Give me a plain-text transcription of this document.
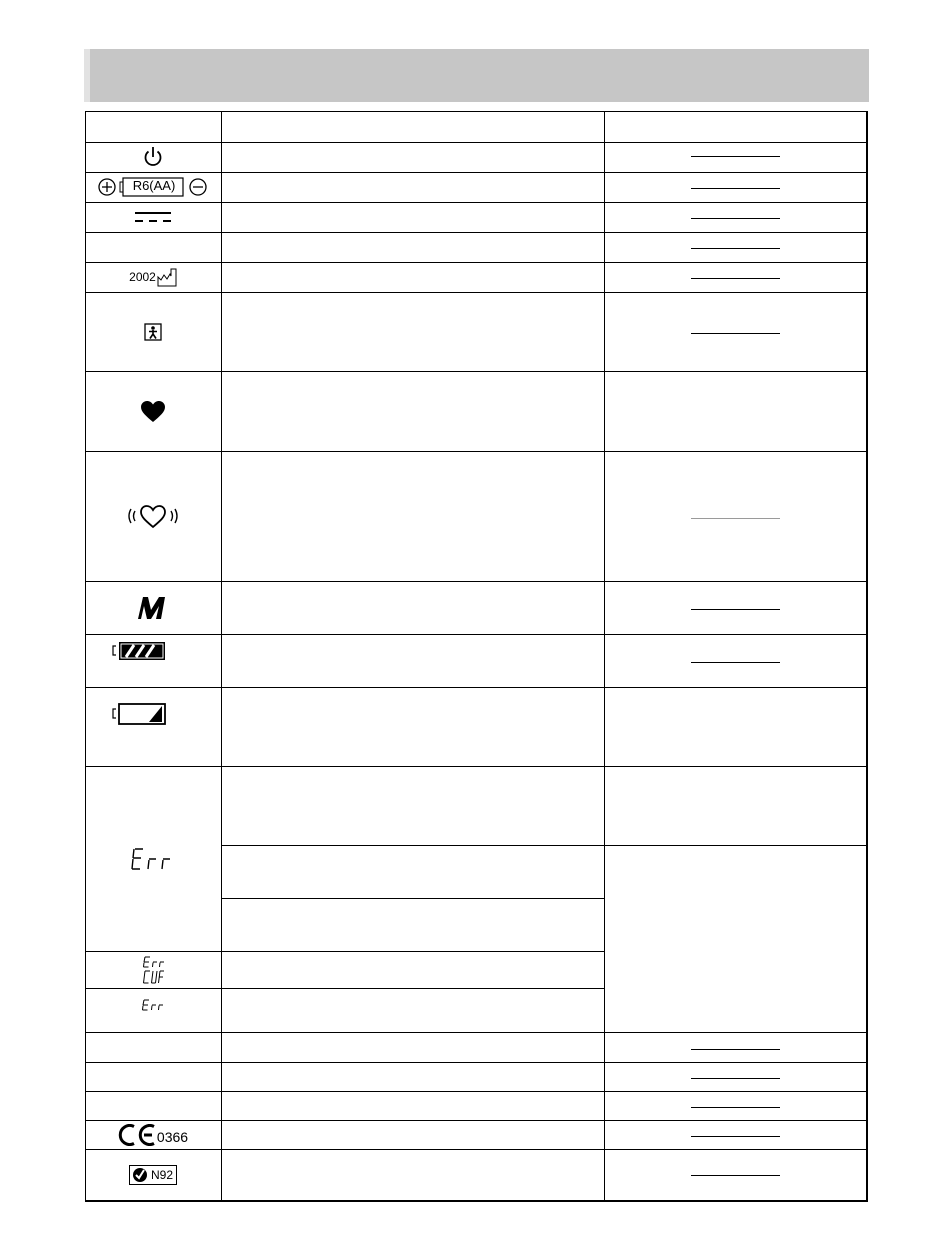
R6(AA)
2002
0366
N92
